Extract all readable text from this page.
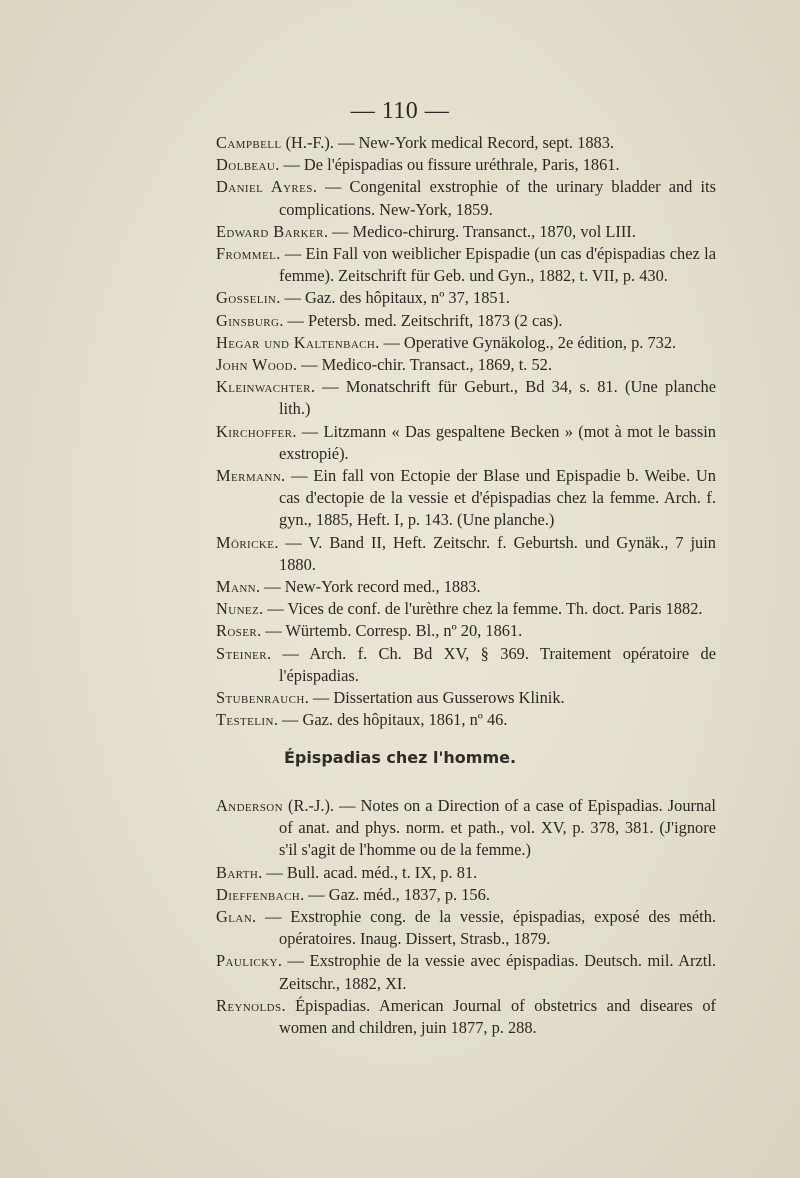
— 110 —
Campbell (H.-F.). — New-York medical Record, sept. 1883.
Dolbeau. — De l'épispadias ou fissure uréthrale, Paris, 1861.
Daniel Ayres. — Congenital exstrophie of the urinary bladder and its complications. New-York, 1859.
Edward Barker. — Medico-chirurg. Transanct., 1870, vol LIII.
Frommel. — Ein Fall von weiblicher Epispadie (un cas d'épispadias chez la femme). Zeitschrift für Geb. und Gyn., 1882, t. VII, p. 430.
Gosselin. — Gaz. des hôpitaux, nº 37, 1851.
Ginsburg. — Petersb. med. Zeitschrift, 1873 (2 cas).
Hegar und Kaltenbach. — Operative Gynäkolog., 2e édition, p. 732.
John Wood. — Medico-chir. Transact., 1869, t. 52.
Kleinwachter. — Monatschrift für Geburt., Bd 34, s. 81. (Une planche lith.)
Kirchoffer. — Litzmann « Das gespaltene Becken » (mot à mot le bassin exstropié).
Mermann. — Ein fall von Ectopie der Blase und Epispadie b. Weibe. Un cas d'ectopie de la vessie et d'épispadias chez la femme. Arch. f. gyn., 1885, Heft. I, p. 143. (Une planche.)
Möricke. — V. Band II, Heft. Zeitschr. f. Geburtsh. und Gynäk., 7 juin 1880.
Mann. — New-York record med., 1883.
Nunez. — Vices de conf. de l'urèthre chez la femme. Th. doct. Paris 1882.
Roser. — Würtemb. Corresp. Bl., nº 20, 1861.
Steiner. — Arch. f. Ch. Bd XV, § 369. Traitement opératoire de l'épispadias.
Stubenrauch. — Dissertation aus Gusserows Klinik.
Testelin. — Gaz. des hôpitaux, 1861, nº 46.
Épispadias chez l'homme.
Anderson (R.-J.). — Notes on a Direction of a case of Epispadias. Journal of anat. and phys. norm. et path., vol. XV, p. 378, 381. (J'ignore s'il s'agit de l'homme ou de la femme.)
Barth. — Bull. acad. méd., t. IX, p. 81.
Dieffenbach. — Gaz. méd., 1837, p. 156.
Glan. — Exstrophie cong. de la vessie, épispadias, exposé des méth. opératoires. Inaug. Dissert, Strasb., 1879.
Paulicky. — Exstrophie de la vessie avec épispadias. Deutsch. mil. Arztl. Zeitschr., 1882, XI.
Reynolds. Épispadias. American Journal of obstetrics and diseares of women and children, juin 1877, p. 288.
